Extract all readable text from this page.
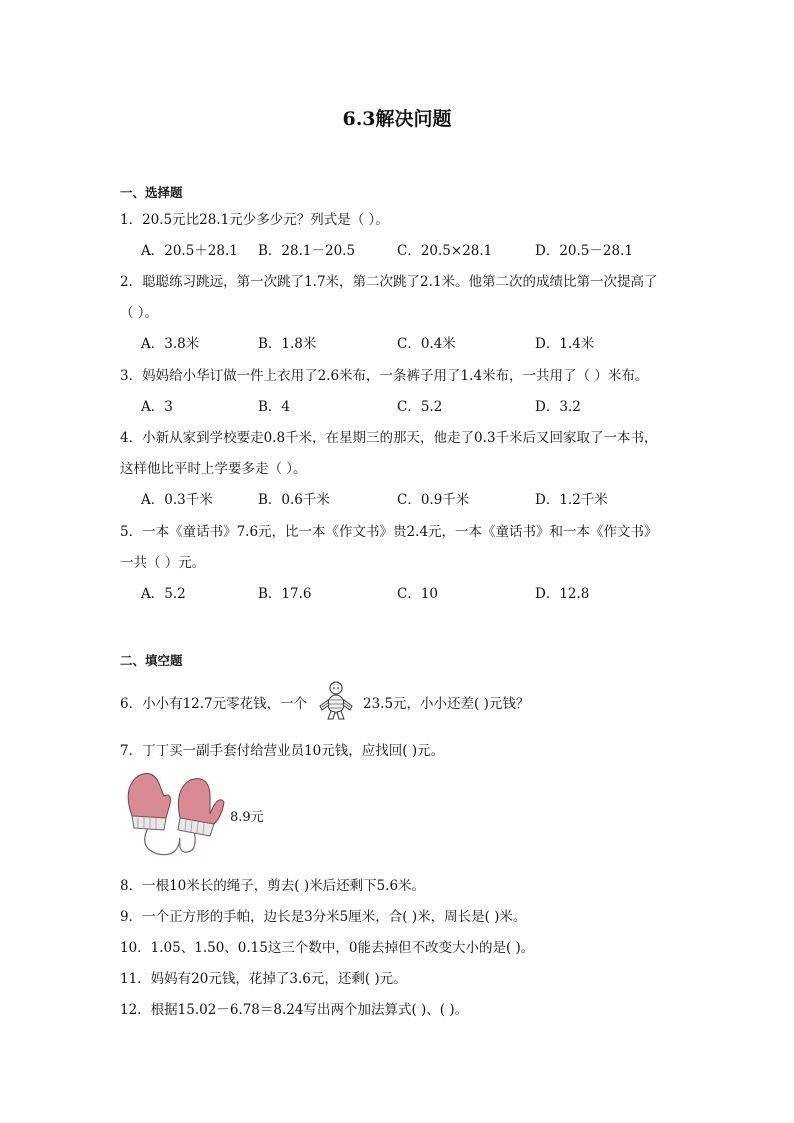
6.3解决问题
一、选择题
1．20.5元比28.1元少多少元？列式是（ ）。
A．20.5＋28.1 B．28.1－20.5	C．20.5×28.1	D．20.5－28.1
2．聪聪练习跳远，第一次跳了1.7米，第二次跳了2.1米。他第二次的成绩比第一次提高了
（ ）。
A．3.8米	B．1.8米	C．0.4米	D．1.4米
3．妈妈给小华订做一件上衣用了2.6米布，一条裤子用了1.4米布，一共用了（ ）米布。
A．3	B．4	C．5.2	D．3.2
4．小新从家到学校要走0.8千米，在星期三的那天，他走了0.3千米后又回家取了一本书，
这样他比平时上学要多走（ ）。
A．0.3千米	B．0.6千米	C．0.9千米	D．1.2千米
5．一本《童话书》7.6元，比一本《作文书》贵2.4元，一本《童话书》和一本《作文书》
一共（ ）元。
A．5.2	B．17.6	C．10	D．12.8
二、填空题
6．小小有12.7元零花钱，一个	23.5元，小小还差( )元钱？
7．丁丁买一副手套付给营业员10元钱，应找回( )元。
8.9元
8．一根10米长的绳子，剪去( )米后还剩下5.6米。
9．一个正方形的手帕，边长是3分米5厘米，合( )米，周长是( )米。
10．1.05、1.50、0.15这三个数中，0能去掉但不改变大小的是( )。
11．妈妈有20元钱，花掉了3.6元，还剩( )元。
12．根据15.02－6.78＝8.24写出两个加法算式( )、( )。
